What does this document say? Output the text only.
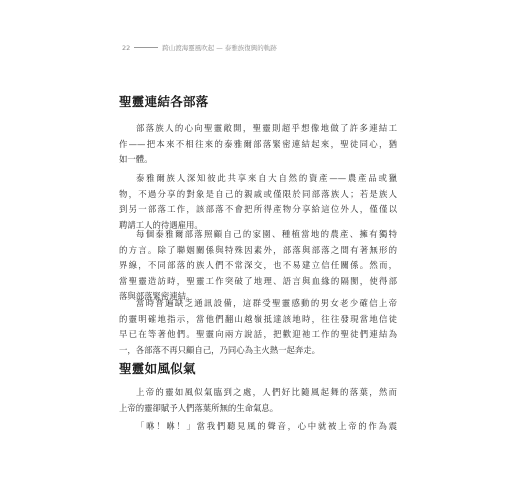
22	跨山渡海靈風吹起 — 泰雅族復興的軌跡
聖靈連結各部落

部落族人的心向聖靈敞開，聖靈則超乎想像地做了許多連結工
作——把本來不相往來的泰雅爾部落緊密連結起來，聖徒同心，猶
如一體。

泰雅爾族人深知彼此共享來自大自然的資產——農產品或獵
物，不過分享的對象是自己的親戚或僅限於同部落族人；若是族人
到另一部落工作，該部落不會把所得產物分享給這位外人，僅僅以
聘請工人的待遇雇用。

每個泰雅爾部落照顧自己的家園、種植當地的農產、擁有獨特
的方言。除了聯姻關係與特殊因素外，部落與部落之間有著無形的
界線，不同部落的族人們不常深交，也不易建立信任關係。然而，
當聖靈造訪時，聖靈工作突破了地理、語言與血緣的隔閡，使得部
落與部落緊密連結。

當時普遍缺乏通訊設備，這群受聖靈感動的男女老少確信上帝
的靈明確地指示，當他們翻山越嶺抵達該地時，往往發現當地信徒
早已在等著他們。聖靈向兩方說話，把歡迎祂工作的聖徒們連結為
一，各部落不再只顧自己，乃同心為主火熱一起奔走。

聖靈如風似氣

上帝的靈如風似氣臨到之處，人們好比隨風起舞的落葉，然而
上帝的靈卻賦予人們落葉所無的生命氣息。

「咻！咻！」當我們聽見風的聲音，心中就被上帝的作為震
